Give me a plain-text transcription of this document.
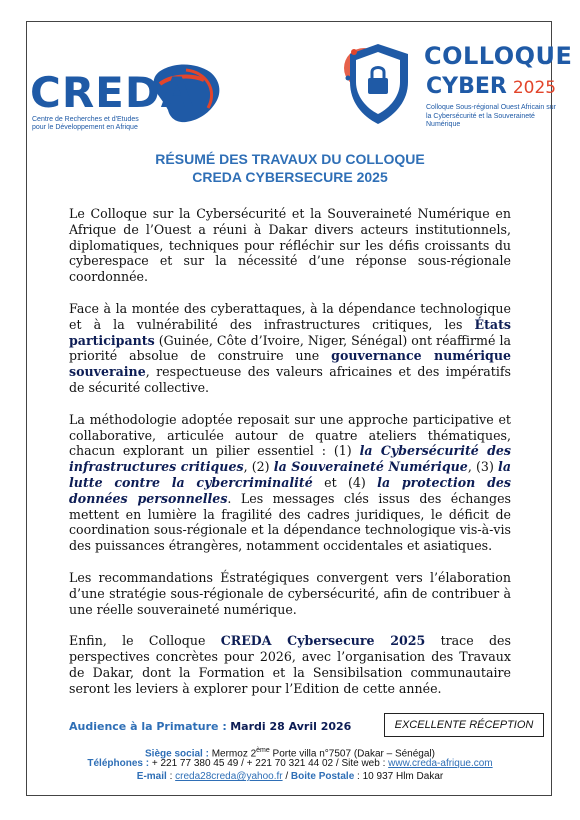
CREDA
Centre de Recherches et d'Etudes
pour le Développement en Afrique
COLLOQUE
CYBER 2025
Colloque Sous-régional Ouest Africain sur la Cybersécurité et la Souveraineté Numérique
RÉSUMÉ DES TRAVAUX DU COLLOQUE
CREDA CYBERSECURE 2025

Le Colloque sur la Cybersécurité et la Souveraineté Numérique en Afrique de l’Ouest a réuni à Dakar divers acteurs institutionnels, diplomatiques, techniques pour réfléchir sur les défis croissants du cyberespace et sur la nécessité d’une réponse sous-régionale coordonnée.

Face à la montée des cyberattaques, à la dépendance technologique et à la vulnérabilité des infrastructures critiques, les États participants (Guinée, Côte d’Ivoire, Niger, Sénégal) ont réaffirmé la priorité absolue de construire une gouvernance numérique souveraine, respectueuse des valeurs africaines et des impératifs de sécurité collective.

La méthodologie adoptée reposait sur une approche participative et collaborative, articulée autour de quatre ateliers thématiques, chacun explorant un pilier essentiel : (1) la Cybersécurité des infrastructures critiques, (2) la Souveraineté Numérique, (3) la lutte contre la cybercriminalité et (4) la protection des données personnelles. Les messages clés issus des échanges mettent en lumière la fragilité des cadres juridiques, le déficit de coordination sous-régionale et la dépendance technologique vis-à-vis des puissances étrangères, notamment occidentales et asiatiques.

Les recommandations Éstratégiques convergent vers l’élaboration d’une stratégie sous-régionale de cybersécurité, afin de contribuer à une réelle souveraineté numérique.

Enfin, le Colloque CREDA Cybersecure 2025 trace des perspectives concrètes pour 2026, avec l’organisation des Travaux de Dakar, dont la Formation et la Sensibilsation communautaire seront les leviers à explorer pour l’Edition de cette année.

Audience à la Primature : Mardi 28 Avril 2026	EXCELLENTE RÉCEPTION
Siège social : Mermoz 2ème Porte villa n°7507 (Dakar – Sénégal)
Téléphones : + 221 77 380 45 49 / + 221 70 321 44 02 / Site web : www.creda-afrique.com
E-mail : creda28creda@yahoo.fr / Boite Postale : 10 937 Hlm Dakar
